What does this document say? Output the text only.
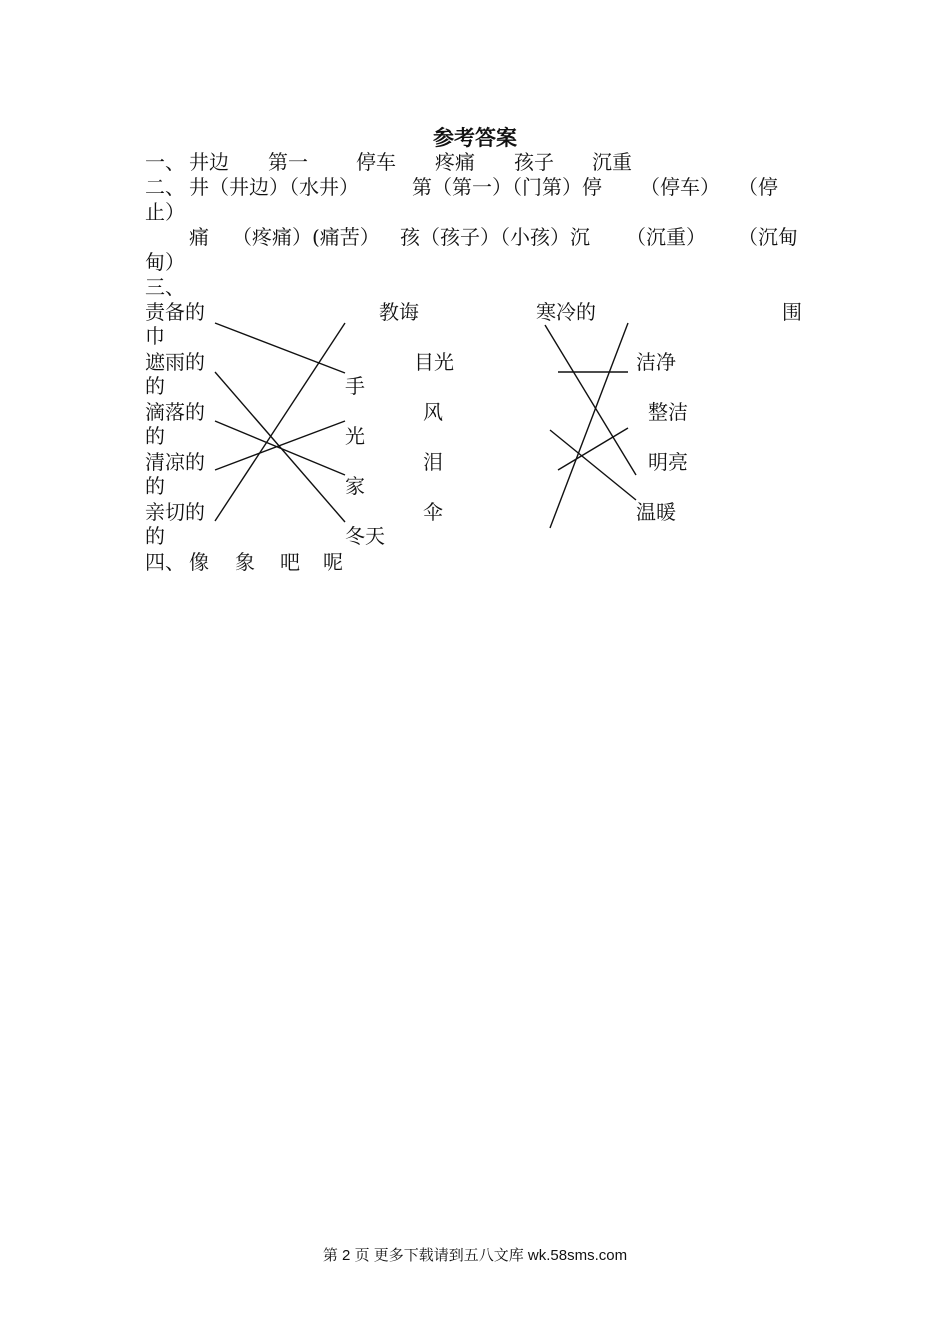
参考答案
一、 井边 第一 停车 疼痛 孩子 沉重
二、 井（井边）（水井）	第（第一）（门第）停 （停车） （停
止）
痛 （疼痛）(痛苦） 孩（孩子）（小孩）沉 （沉重） （沉甸
甸）
三、
责备的
巾
遮雨的
的
滴落的
的
清凉的
的
亲切的
的
手
光
家
冬天
教诲
目光
风
泪
伞
寒冷的
洁净
整洁
明亮
温暖
围
四、 像 象 吧 呢
第 2 页 更多下载请到五八文库 wk.58sms.com
